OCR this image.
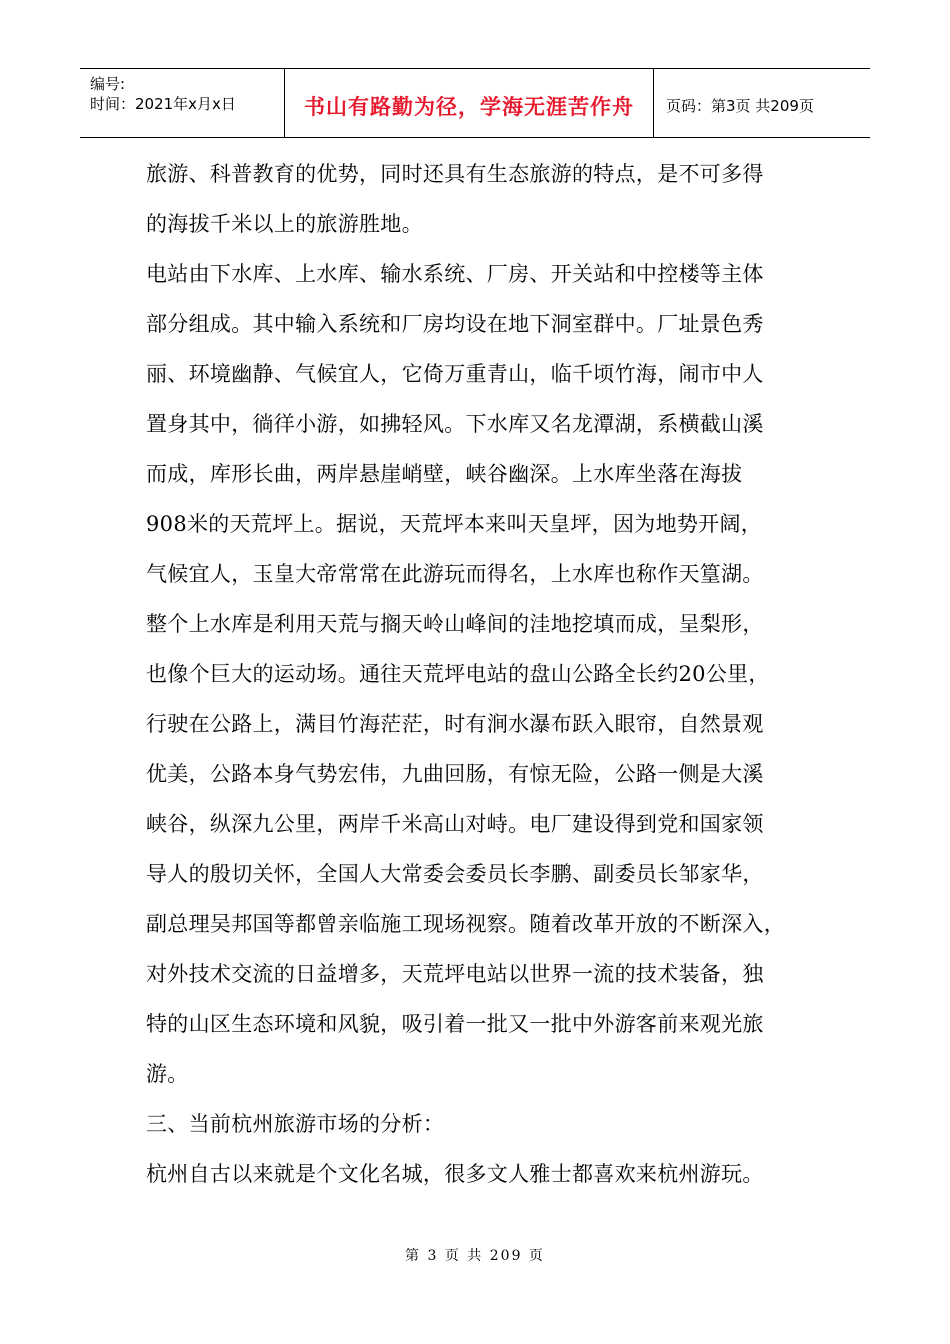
编号:
时间：2021年x月x日	书山有路勤为径，学海无涯苦作舟	页码：第3页 共209页
旅游、科普教育的优势，同时还具有生态旅游的特点，是不可多得
的海拔千米以上的旅游胜地。
电站由下水库、上水库、输水系统、厂房、开关站和中控楼等主体
部分组成。其中输入系统和厂房均设在地下洞室群中。厂址景色秀
丽、环境幽静、气候宜人，它倚万重青山，临千顷竹海，闹市中人
置身其中，徜徉小游，如拂轻风。下水库又名龙潭湖，系横截山溪
而成，库形长曲，两岸悬崖峭壁，峡谷幽深。上水库坐落在海拔
908米的天荒坪上。据说，天荒坪本来叫天皇坪，因为地势开阔，
气候宜人，玉皇大帝常常在此游玩而得名，上水库也称作天篁湖。
整个上水库是利用天荒与搁天岭山峰间的洼地挖填而成，呈梨形，
也像个巨大的运动场。通往天荒坪电站的盘山公路全长约20公里，
行驶在公路上，满目竹海茫茫，时有涧水瀑布跃入眼帘，自然景观
优美，公路本身气势宏伟，九曲回肠，有惊无险，公路一侧是大溪
峡谷，纵深九公里，两岸千米高山对峙。电厂建设得到党和国家领
导人的殷切关怀，全国人大常委会委员长李鹏、副委员长邹家华，
副总理吴邦国等都曾亲临施工现场视察。随着改革开放的不断深入，
对外技术交流的日益增多，天荒坪电站以世界一流的技术装备，独
特的山区生态环境和风貌，吸引着一批又一批中外游客前来观光旅
游。
三、当前杭州旅游市场的分析：
杭州自古以来就是个文化名城，很多文人雅士都喜欢来杭州游玩。
第 3 页 共 209 页
